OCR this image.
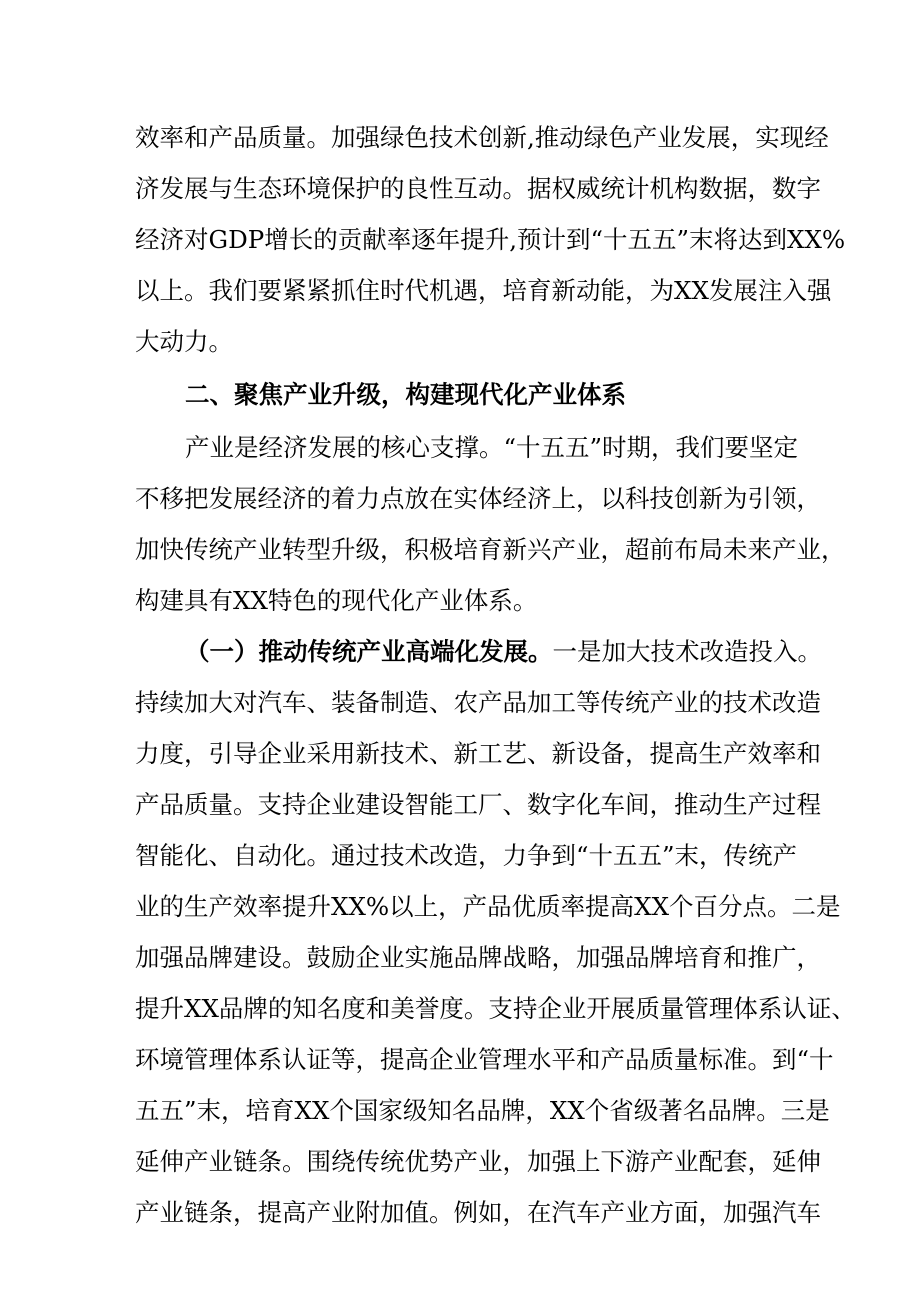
效率和产品质量。加强绿色技术创新,推动绿色产业发展，实现经
济发展与生态环境保护的良性互动。据权威统计机构数据，数字
经济对GDP增长的贡献率逐年提升,预计到“十五五”末将达到XX%
以上。我们要紧紧抓住时代机遇，培育新动能，为XX发展注入强
大动力。
二、聚焦产业升级，构建现代化产业体系
产业是经济发展的核心支撑。“十五五”时期，我们要坚定
不移把发展经济的着力点放在实体经济上，以科技创新为引领，
加快传统产业转型升级，积极培育新兴产业，超前布局未来产业，
构建具有XX特色的现代化产业体系。
（一）推动传统产业高端化发展。一是加大技术改造投入。
持续加大对汽车、装备制造、农产品加工等传统产业的技术改造
力度，引导企业采用新技术、新工艺、新设备，提高生产效率和
产品质量。支持企业建设智能工厂、数字化车间，推动生产过程
智能化、自动化。通过技术改造，力争到“十五五”末，传统产
业的生产效率提升XX%以上，产品优质率提高XX个百分点。二是
加强品牌建设。鼓励企业实施品牌战略，加强品牌培育和推广，
提升XX品牌的知名度和美誉度。支持企业开展质量管理体系认证、
环境管理体系认证等，提高企业管理水平和产品质量标准。到“十
五五”末，培育XX个国家级知名品牌，XX个省级著名品牌。三是
延伸产业链条。围绕传统优势产业，加强上下游产业配套，延伸
产业链条，提高产业附加值。例如，在汽车产业方面，加强汽车
